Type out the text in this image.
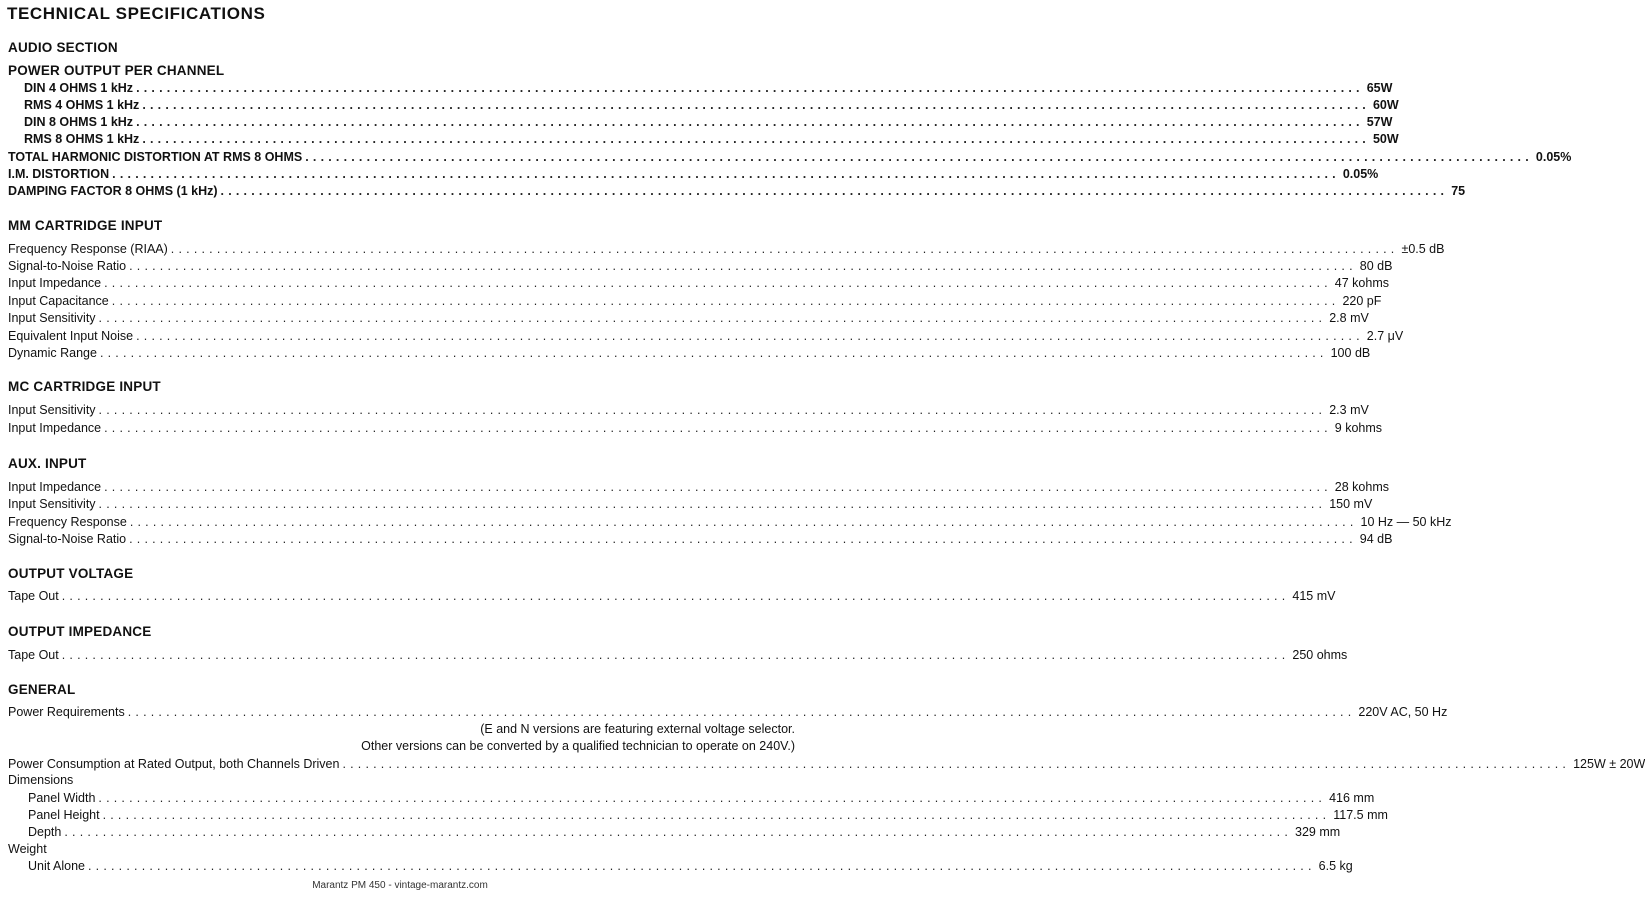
TECHNICAL SPECIFICATIONS
AUDIO SECTION
POWER OUTPUT PER CHANNEL
DIN 4 OHMS 1 kHz ................................................................................................................................................................ 65W
RMS 4 OHMS 1 kHz ................................................................................................................................................................ 60W
DIN 8 OHMS 1 kHz ................................................................................................................................................................ 57W
RMS 8 OHMS 1 kHz ................................................................................................................................................................ 50W
TOTAL HARMONIC DISTORTION AT RMS 8 OHMS ................................................................................................................................................................ 0.05%
I.M. DISTORTION ................................................................................................................................................................ 0.05%
DAMPING FACTOR 8 OHMS (1 kHz) ................................................................................................................................................................ 75
MM CARTRIDGE INPUT
Frequency Response (RIAA) ................................................................................................................................................................ ±0.5 dB
Signal-to-Noise Ratio ................................................................................................................................................................ 80 dB
Input Impedance ................................................................................................................................................................ 47 kohms
Input Capacitance ................................................................................................................................................................ 220 pF
Input Sensitivity ................................................................................................................................................................ 2.8 mV
Equivalent Input Noise ................................................................................................................................................................ 2.7 μV
Dynamic Range ................................................................................................................................................................ 100 dB
MC CARTRIDGE INPUT
Input Sensitivity ................................................................................................................................................................ 2.3 mV
Input Impedance ................................................................................................................................................................ 9 kohms
AUX. INPUT
Input Impedance ................................................................................................................................................................ 28 kohms
Input Sensitivity ................................................................................................................................................................ 150 mV
Frequency Response ................................................................................................................................................................ 10 Hz — 50 kHz
Signal-to-Noise Ratio ................................................................................................................................................................ 94 dB
OUTPUT VOLTAGE
Tape Out ................................................................................................................................................................ 415 mV
OUTPUT IMPEDANCE
Tape Out ................................................................................................................................................................ 250 ohms
GENERAL
Power Requirements ................................................................................................................................................................ 220V AC, 50 Hz
(E and N versions are featuring external voltage selector.
Other versions can be converted by a qualified technician to operate on 240V.)
Power Consumption at Rated Output, both Channels Driven ................................................................................................................................................................ 125W ± 20W
Dimensions
Panel Width ................................................................................................................................................................ 416 mm
Panel Height ................................................................................................................................................................ 117.5 mm
Depth ................................................................................................................................................................ 329 mm
Weight
Unit Alone ................................................................................................................................................................ 6.5 kg
Marantz PM 450 - vintage-marantz.com
